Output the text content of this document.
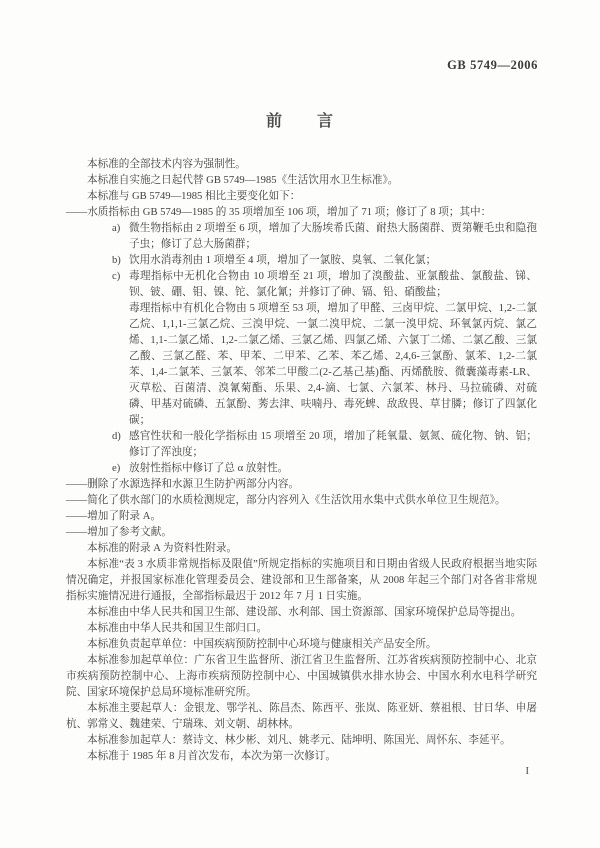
GB 5749—2006
前　　言

本标准的全部技术内容为强制性。

本标准自实施之日起代替 GB 5749—1985《生活饮用水卫生标准》。

本标准与 GB 5749—1985 相比主要变化如下：

——水质指标由 GB 5749—1985 的 35 项增加至 106 项，增加了 71 项；修订了 8 项；其中：

a) 微生物指标由 2 项增至 6 项，增加了大肠埃希氏菌、耐热大肠菌群、贾第鞭毛虫和隐孢子虫；修订了总大肠菌群；

b) 饮用水消毒剂由 1 项增至 4 项，增加了一氯胺、臭氧、二氧化氯；

c) 毒理指标中无机化合物由 10 项增至 21 项，增加了溴酸盐、亚氯酸盐、氯酸盐、锑、钡、铍、硼、钼、镍、铊、氯化氰；并修订了砷、镉、铅、硝酸盐；

毒理指标中有机化合物由 5 项增至 53 项，增加了甲醛、三卤甲烷、二氯甲烷、1,2-二氯乙烷、1,1,1-三氯乙烷、三溴甲烷、一氯二溴甲烷、二氯一溴甲烷、环氧氯丙烷、氯乙烯、1,1-二氯乙烯、1,2-二氯乙烯、三氯乙烯、四氯乙烯、六氯丁二烯、二氯乙酸、三氯乙酸、三氯乙醛、苯、甲苯、二甲苯、乙苯、苯乙烯、2,4,6-三氯酚、氯苯、1,2-二氯苯、1,4-二氯苯、三氯苯、邻苯二甲酸二(2-乙基己基)酯、丙烯酰胺、微囊藻毒素-LR、灭草松、百菌清、溴氰菊酯、乐果、2,4-滴、七氯、六氯苯、林丹、马拉硫磷、对硫磷、甲基对硫磷、五氯酚、莠去津、呋喃丹、毒死蜱、敌敌畏、草甘膦；修订了四氯化碳；

d) 感官性状和一般化学指标由 15 项增至 20 项，增加了耗氧量、氨氮、硫化物、钠、铝；修订了浑浊度；

e) 放射性指标中修订了总 α 放射性。

——删除了水源选择和水源卫生防护两部分内容。

——简化了供水部门的水质检测规定，部分内容列入《生活饮用水集中式供水单位卫生规范》。

——增加了附录 A。

——增加了参考文献。

本标准的附录 A 为资料性附录。

本标准“表 3 水质非常规指标及限值”所规定指标的实施项目和日期由省级人民政府根据当地实际情况确定，并报国家标准化管理委员会、建设部和卫生部备案，从 2008 年起三个部门对各省非常规指标实施情况进行通报，全部指标最迟于 2012 年 7 月 1 日实施。

本标准由中华人民共和国卫生部、建设部、水利部、国土资源部、国家环境保护总局等提出。

本标准由中华人民共和国卫生部归口。

本标准负责起草单位：中国疾病预防控制中心环境与健康相关产品安全所。

本标准参加起草单位：广东省卫生监督所、浙江省卫生监督所、江苏省疾病预防控制中心、北京市疾病预防控制中心、上海市疾病预防控制中心、中国城镇供水排水协会、中国水利水电科学研究院、国家环境保护总局环境标准研究所。

本标准主要起草人：金银龙、鄂学礼、陈昌杰、陈西平、张岚、陈亚妍、蔡祖根、甘日华、申屠杭、郭常义、魏建荣、宁瑞珠、刘文朝、胡林林。

本标准参加起草人：蔡诗文、林少彬、刘凡、姚孝元、陆坤明、陈国光、周怀东、李延平。

本标准于 1985 年 8 月首次发布，本次为第一次修订。

I
